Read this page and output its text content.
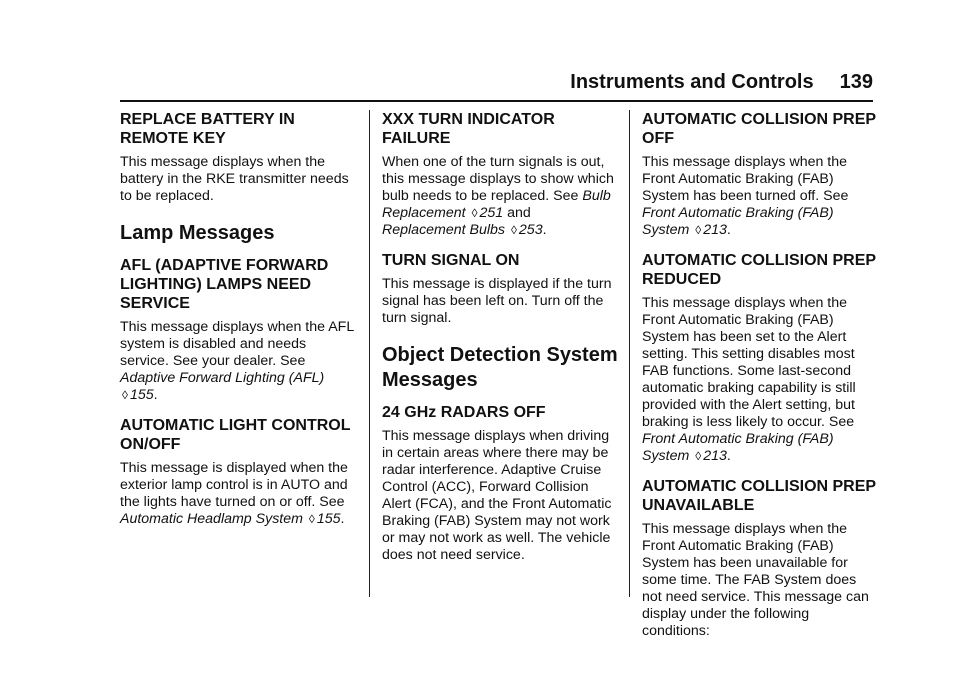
Instruments and Controls 139
REPLACE BATTERY IN REMOTE KEY

This message displays when the battery in the RKE transmitter needs to be replaced.

Lamp Messages
AFL (ADAPTIVE FORWARD LIGHTING) LAMPS NEED SERVICE

This message displays when the AFL system is disabled and needs service. See your dealer. See Adaptive Forward Lighting (AFL)
◊ 155.

AUTOMATIC LIGHT CONTROL ON/OFF

This message is displayed when the exterior lamp control is in AUTO and the lights have turned on or off. See Automatic Headlamp System ◊ 155.

XXX TURN INDICATOR FAILURE

When one of the turn signals is out, this message displays to show which bulb needs to be replaced. See Bulb Replacement ◊ 251 and Replacement Bulbs ◊ 253.

TURN SIGNAL ON

This message is displayed if the turn signal has been left on. Turn off the turn signal.

Object Detection System Messages
24 GHz RADARS OFF

This message displays when driving in certain areas where there may be radar interference. Adaptive Cruise Control (ACC), Forward Collision Alert (FCA), and the Front Automatic Braking (FAB) System may not work or may not work as well. The vehicle does not need service.

AUTOMATIC COLLISION PREP OFF

This message displays when the Front Automatic Braking (FAB) System has been turned off. See Front Automatic Braking (FAB) System ◊ 213.

AUTOMATIC COLLISION PREP REDUCED

This message displays when the Front Automatic Braking (FAB) System has been set to the Alert setting. This setting disables most FAB functions. Some last-second automatic braking capability is still provided with the Alert setting, but braking is less likely to occur. See Front Automatic Braking (FAB) System ◊ 213.

AUTOMATIC COLLISION PREP UNAVAILABLE

This message displays when the Front Automatic Braking (FAB) System has been unavailable for some time. The FAB System does not need service. This message can display under the following conditions:
